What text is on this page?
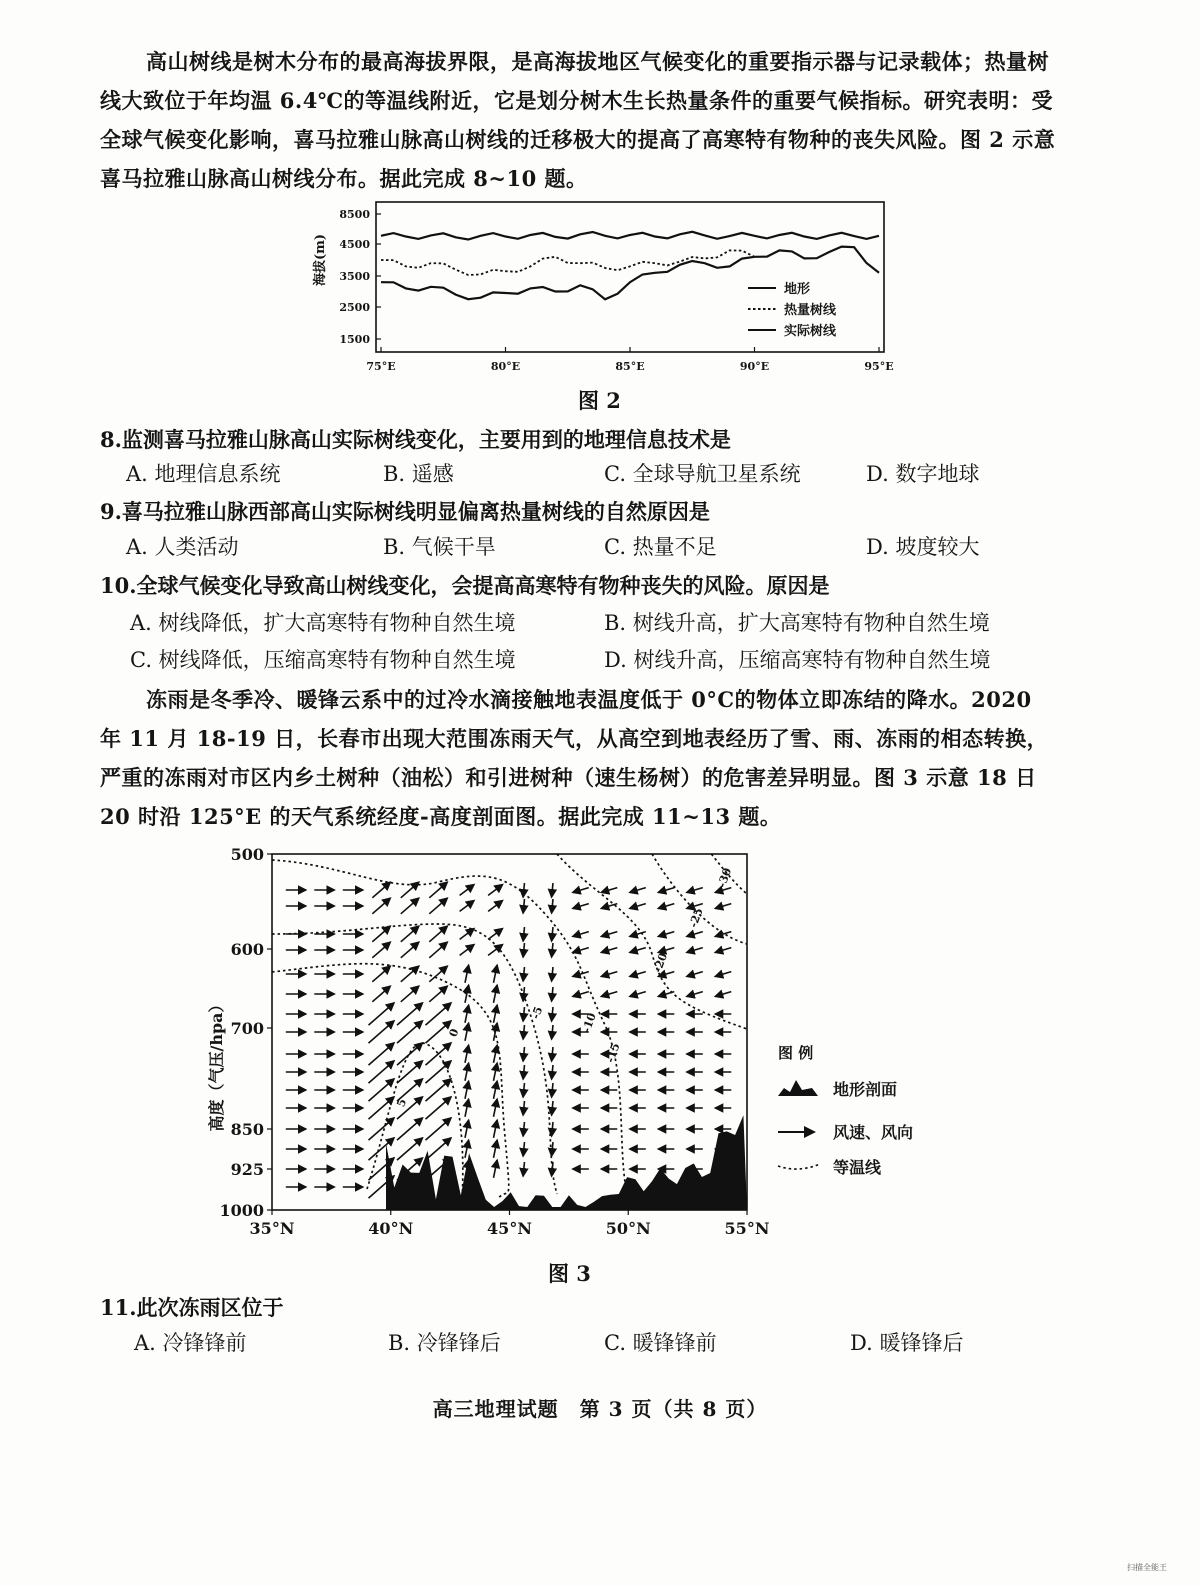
高山树线是树木分布的最高海拔界限，是高海拔地区气候变化的重要指示器与记录载体；热量树线大致位于年均温 6.4℃的等温线附近，它是划分树木生长热量条件的重要气候指标。研究表明：受全球气候变化影响，喜马拉雅山脉高山树线的迁移极大的提高了高寒特有物种的丧失风险。图 2 示意喜马拉雅山脉高山树线分布。据此完成 8~10 题。
8500
4500
3500
2500
1500
75°E	80°E	85°E	90°E	95°E
海拔(m)
地形
热量树线
实际树线
图 2
8.监测喜马拉雅山脉高山实际树线变化，主要用到的地理信息技术是
A. 地理信息系统	B. 遥感	C. 全球导航卫星系统	D. 数字地球
9.喜马拉雅山脉西部高山实际树线明显偏离热量树线的自然原因是
A. 人类活动	B. 气候干旱	C. 热量不足	D. 坡度较大
10.全球气候变化导致高山树线变化，会提高高寒特有物种丧失的风险。原因是
A. 树线降低，扩大高寒特有物种自然生境	B. 树线升高，扩大高寒特有物种自然生境
C. 树线降低，压缩高寒特有物种自然生境	D. 树线升高，压缩高寒特有物种自然生境
冻雨是冬季冷、暖锋云系中的过冷水滴接触地表温度低于 0°C的物体立即冻结的降水。2020 年 11 月 18-19 日，长春市出现大范围冻雨天气，从高空到地表经历了雪、雨、冻雨的相态转换，严重的冻雨对市区内乡土树种（油松）和引进树种（速生杨树）的危害差异明显。图 3 示意 18 日 20 时沿 125°E 的天气系统经度-高度剖面图。据此完成 11~13 题。
500
600
700
850
925
1000
35°N	40°N	45°N	50°N	55°N
高度（气压/hpa）	0
-5	-10
-15
-20
-25
-30
5
图 例
地形剖面
风速、风向
等温线
图 3
11.此次冻雨区位于
A. 冷锋锋前	B. 冷锋锋后	C. 暖锋锋前	D. 暖锋锋后
高三地理试题　第 3 页（共 8 页）
扫描全能王
